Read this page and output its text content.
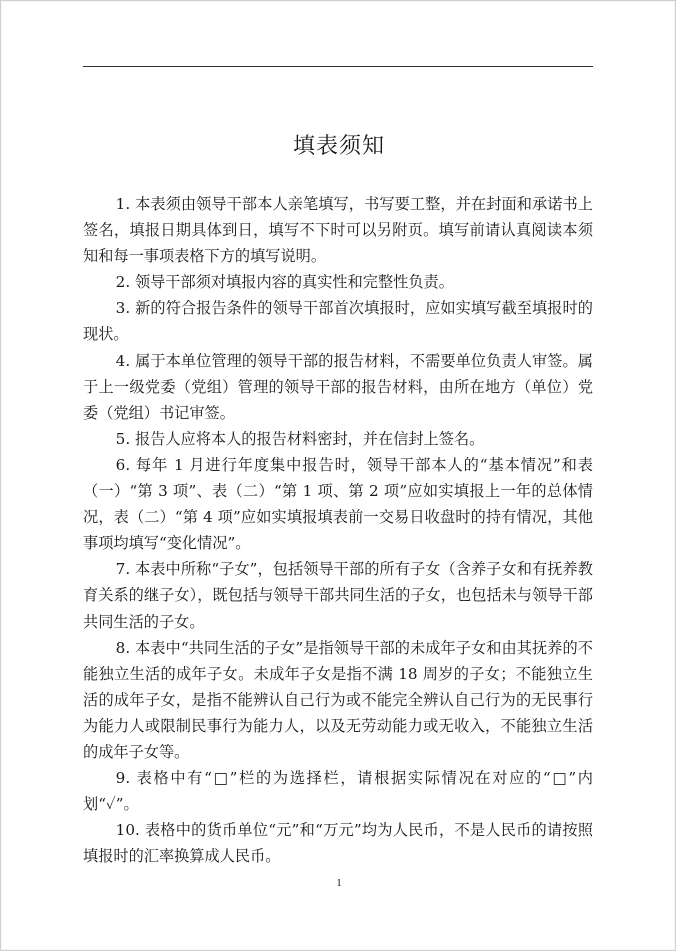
填表须知

1. 本表须由领导干部本人亲笔填写，书写要工整，并在封面和承诺书上签名，填报日期具体到日，填写不下时可以另附页。填写前请认真阅读本须知和每一事项表格下方的填写说明。

2. 领导干部须对填报内容的真实性和完整性负责。

3. 新的符合报告条件的领导干部首次填报时，应如实填写截至填报时的现状。

4. 属于本单位管理的领导干部的报告材料，不需要单位负责人审签。属于上一级党委（党组）管理的领导干部的报告材料，由所在地方（单位）党委（党组）书记审签。

5. 报告人应将本人的报告材料密封，并在信封上签名。

6. 每年 1 月进行年度集中报告时，领导干部本人的“基本情况”和表（一）“第 3 项”、表（二）“第 1 项、第 2 项”应如实填报上一年的总体情况，表（二）“第 4 项”应如实填报填表前一交易日收盘时的持有情况，其他事项均填写“变化情况”。

7. 本表中所称“子女”，包括领导干部的所有子女（含养子女和有抚养教育关系的继子女），既包括与领导干部共同生活的子女，也包括未与领导干部共同生活的子女。

8. 本表中“共同生活的子女”是指领导干部的未成年子女和由其抚养的不能独立生活的成年子女。未成年子女是指不满 18 周岁的子女；不能独立生活的成年子女，是指不能辨认自己行为或不能完全辨认自己行为的无民事行为能力人或限制民事行为能力人，以及无劳动能力或无收入，不能独立生活的成年子女等。

9. 表格中有“□”栏的为选择栏，请根据实际情况在对应的“□”内划“✓”。

10. 表格中的货币单位“元”和“万元”均为人民币，不是人民币的请按照填报时的汇率换算成人民币。

1
